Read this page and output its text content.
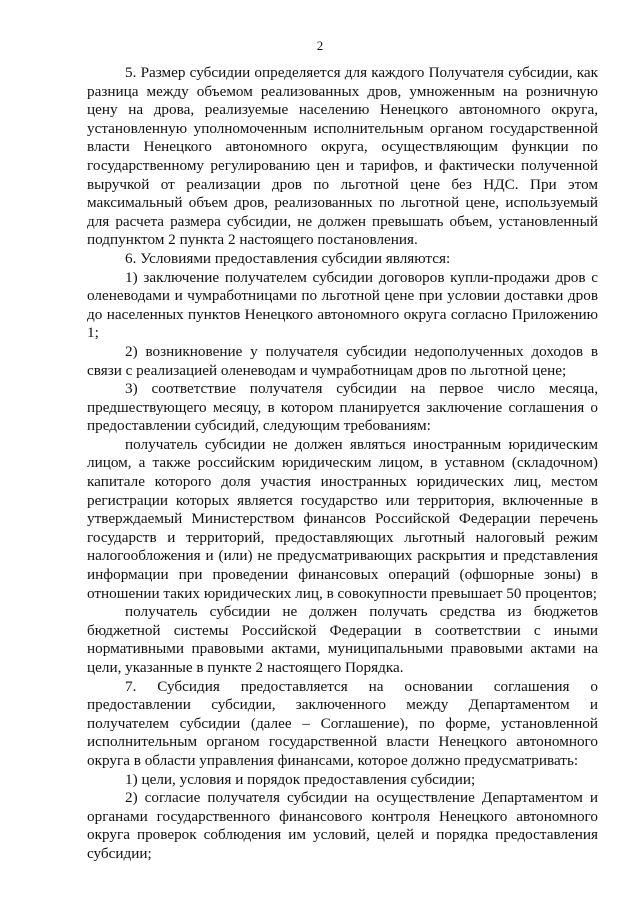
2

5. Размер субсидии определяется для каждого Получателя субсидии, как разница между объемом реализованных дров, умноженным на розничную цену на дрова, реализуемые населению Ненецкого автономного округа, установленную уполномоченным исполнительным органом государственной власти Ненецкого автономного округа, осуществляющим функции по государственному регулированию цен и тарифов, и фактически полученной выручкой от реализации дров по льготной цене без НДС. При этом максимальный объем дров, реализованных по льготной цене, используемый для расчета размера субсидии, не должен превышать объем, установленный подпунктом 2 пункта 2 настоящего постановления.

6. Условиями предоставления субсидии являются:

1) заключение получателем субсидии договоров купли-продажи дров с оленеводами и чумработницами по льготной цене при условии доставки дров до населенных пунктов Ненецкого автономного округа согласно Приложению 1;

2) возникновение у получателя субсидии недополученных доходов в связи с реализацией оленеводам и чумработницам дров по льготной цене;

3) соответствие получателя субсидии на первое число месяца, предшествующего месяцу, в котором планируется заключение соглашения о предоставлении субсидий, следующим требованиям:

получатель субсидии не должен являться иностранным юридическим лицом, а также российским юридическим лицом, в уставном (складочном) капитале которого доля участия иностранных юридических лиц, местом регистрации которых является государство или территория, включенные в утверждаемый Министерством финансов Российской Федерации перечень государств и территорий, предоставляющих льготный налоговый режим налогообложения и (или) не предусматривающих раскрытия и представления информации при проведении финансовых операций (офшорные зоны) в отношении таких юридических лиц, в совокупности превышает 50 процентов;

получатель субсидии не должен получать средства из бюджетов бюджетной системы Российской Федерации в соответствии с иными нормативными правовыми актами, муниципальными правовыми актами на цели, указанные в пункте 2 настоящего Порядка.

7. Субсидия предоставляется на основании соглашения о предоставлении субсидии, заключенного между Департаментом и получателем субсидии (далее – Соглашение), по форме, установленной исполнительным органом государственной власти Ненецкого автономного округа в области управления финансами, которое должно предусматривать:

1) цели, условия и порядок предоставления субсидии;

2) согласие получателя субсидии на осуществление Департаментом и органами государственного финансового контроля Ненецкого автономного округа проверок соблюдения им условий, целей и порядка предоставления субсидии;
